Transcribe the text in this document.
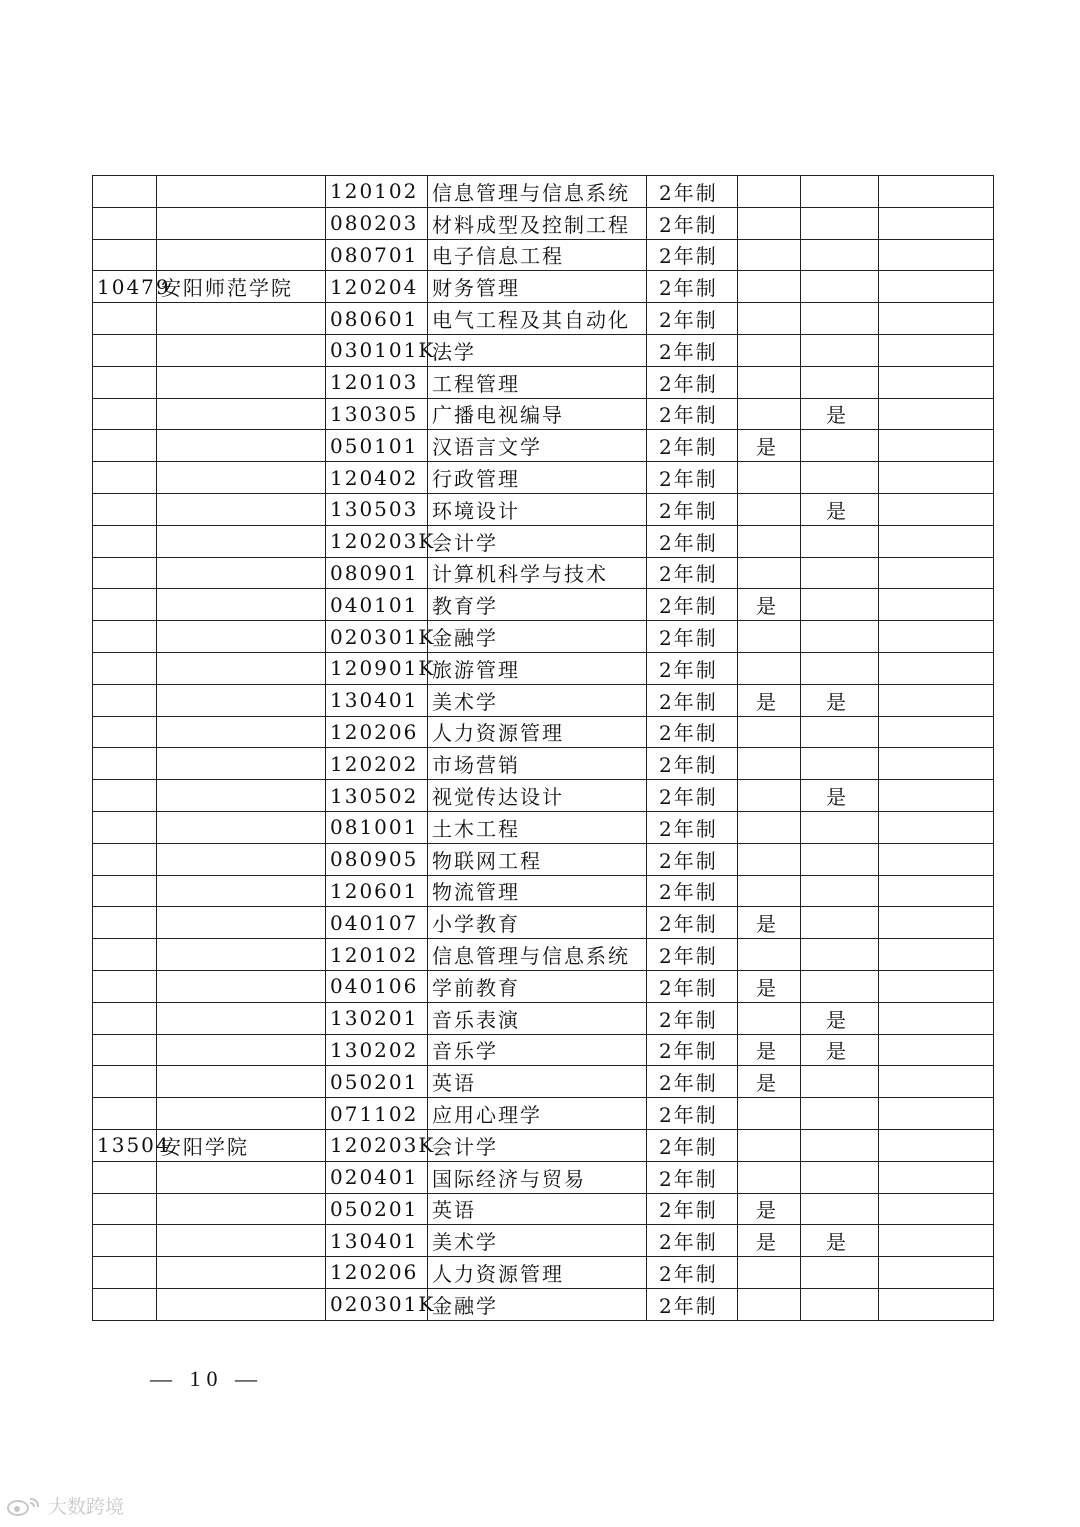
		120102	信息管理与信息系统	2年制			
		080203	材料成型及控制工程	2年制			
		080701	电子信息工程	2年制			
10479	安阳师范学院	120204	财务管理	2年制			
		080601	电气工程及其自动化	2年制			
		030101K	法学	2年制			
		120103	工程管理	2年制			
		130305	广播电视编导	2年制		是	
		050101	汉语言文学	2年制	是		
		120402	行政管理	2年制			
		130503	环境设计	2年制		是	
		120203K	会计学	2年制			
		080901	计算机科学与技术	2年制			
		040101	教育学	2年制	是		
		020301K	金融学	2年制			
		120901K	旅游管理	2年制			
		130401	美术学	2年制	是	是	
		120206	人力资源管理	2年制			
		120202	市场营销	2年制			
		130502	视觉传达设计	2年制		是	
		081001	土木工程	2年制			
		080905	物联网工程	2年制			
		120601	物流管理	2年制			
		040107	小学教育	2年制	是		
		120102	信息管理与信息系统	2年制			
		040106	学前教育	2年制	是		
		130201	音乐表演	2年制		是	
		130202	音乐学	2年制	是	是	
		050201	英语	2年制	是		
		071102	应用心理学	2年制			
13504	安阳学院	120203K	会计学	2年制			
		020401	国际经济与贸易	2年制			
		050201	英语	2年制	是		
		130401	美术学	2年制	是	是	
		120206	人力资源管理	2年制			
		020301K	金融学	2年制			
— 10 —
大数跨境
